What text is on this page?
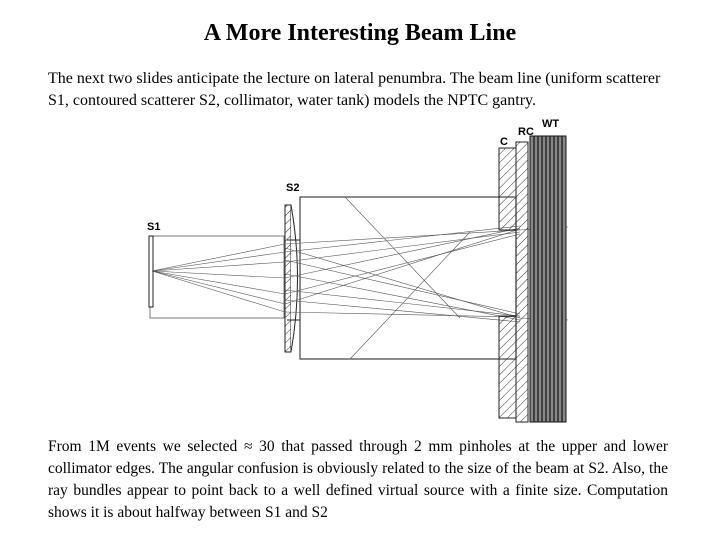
A More Interesting Beam Line
The next two slides anticipate the lecture on lateral penumbra. The beam line (uniform scatterer S1, contoured scatterer S2, collimator, water tank) models the NPTC gantry.
S1
S2
C
RC
WT
From 1M events we selected ≈ 30 that passed through 2 mm pinholes at the upper and lower collimator edges. The angular confusion is obviously related to the size of the beam at S2. Also, the ray bundles appear to point back to a well defined virtual source with a finite size. Computation shows it is about halfway between S1 and S2
